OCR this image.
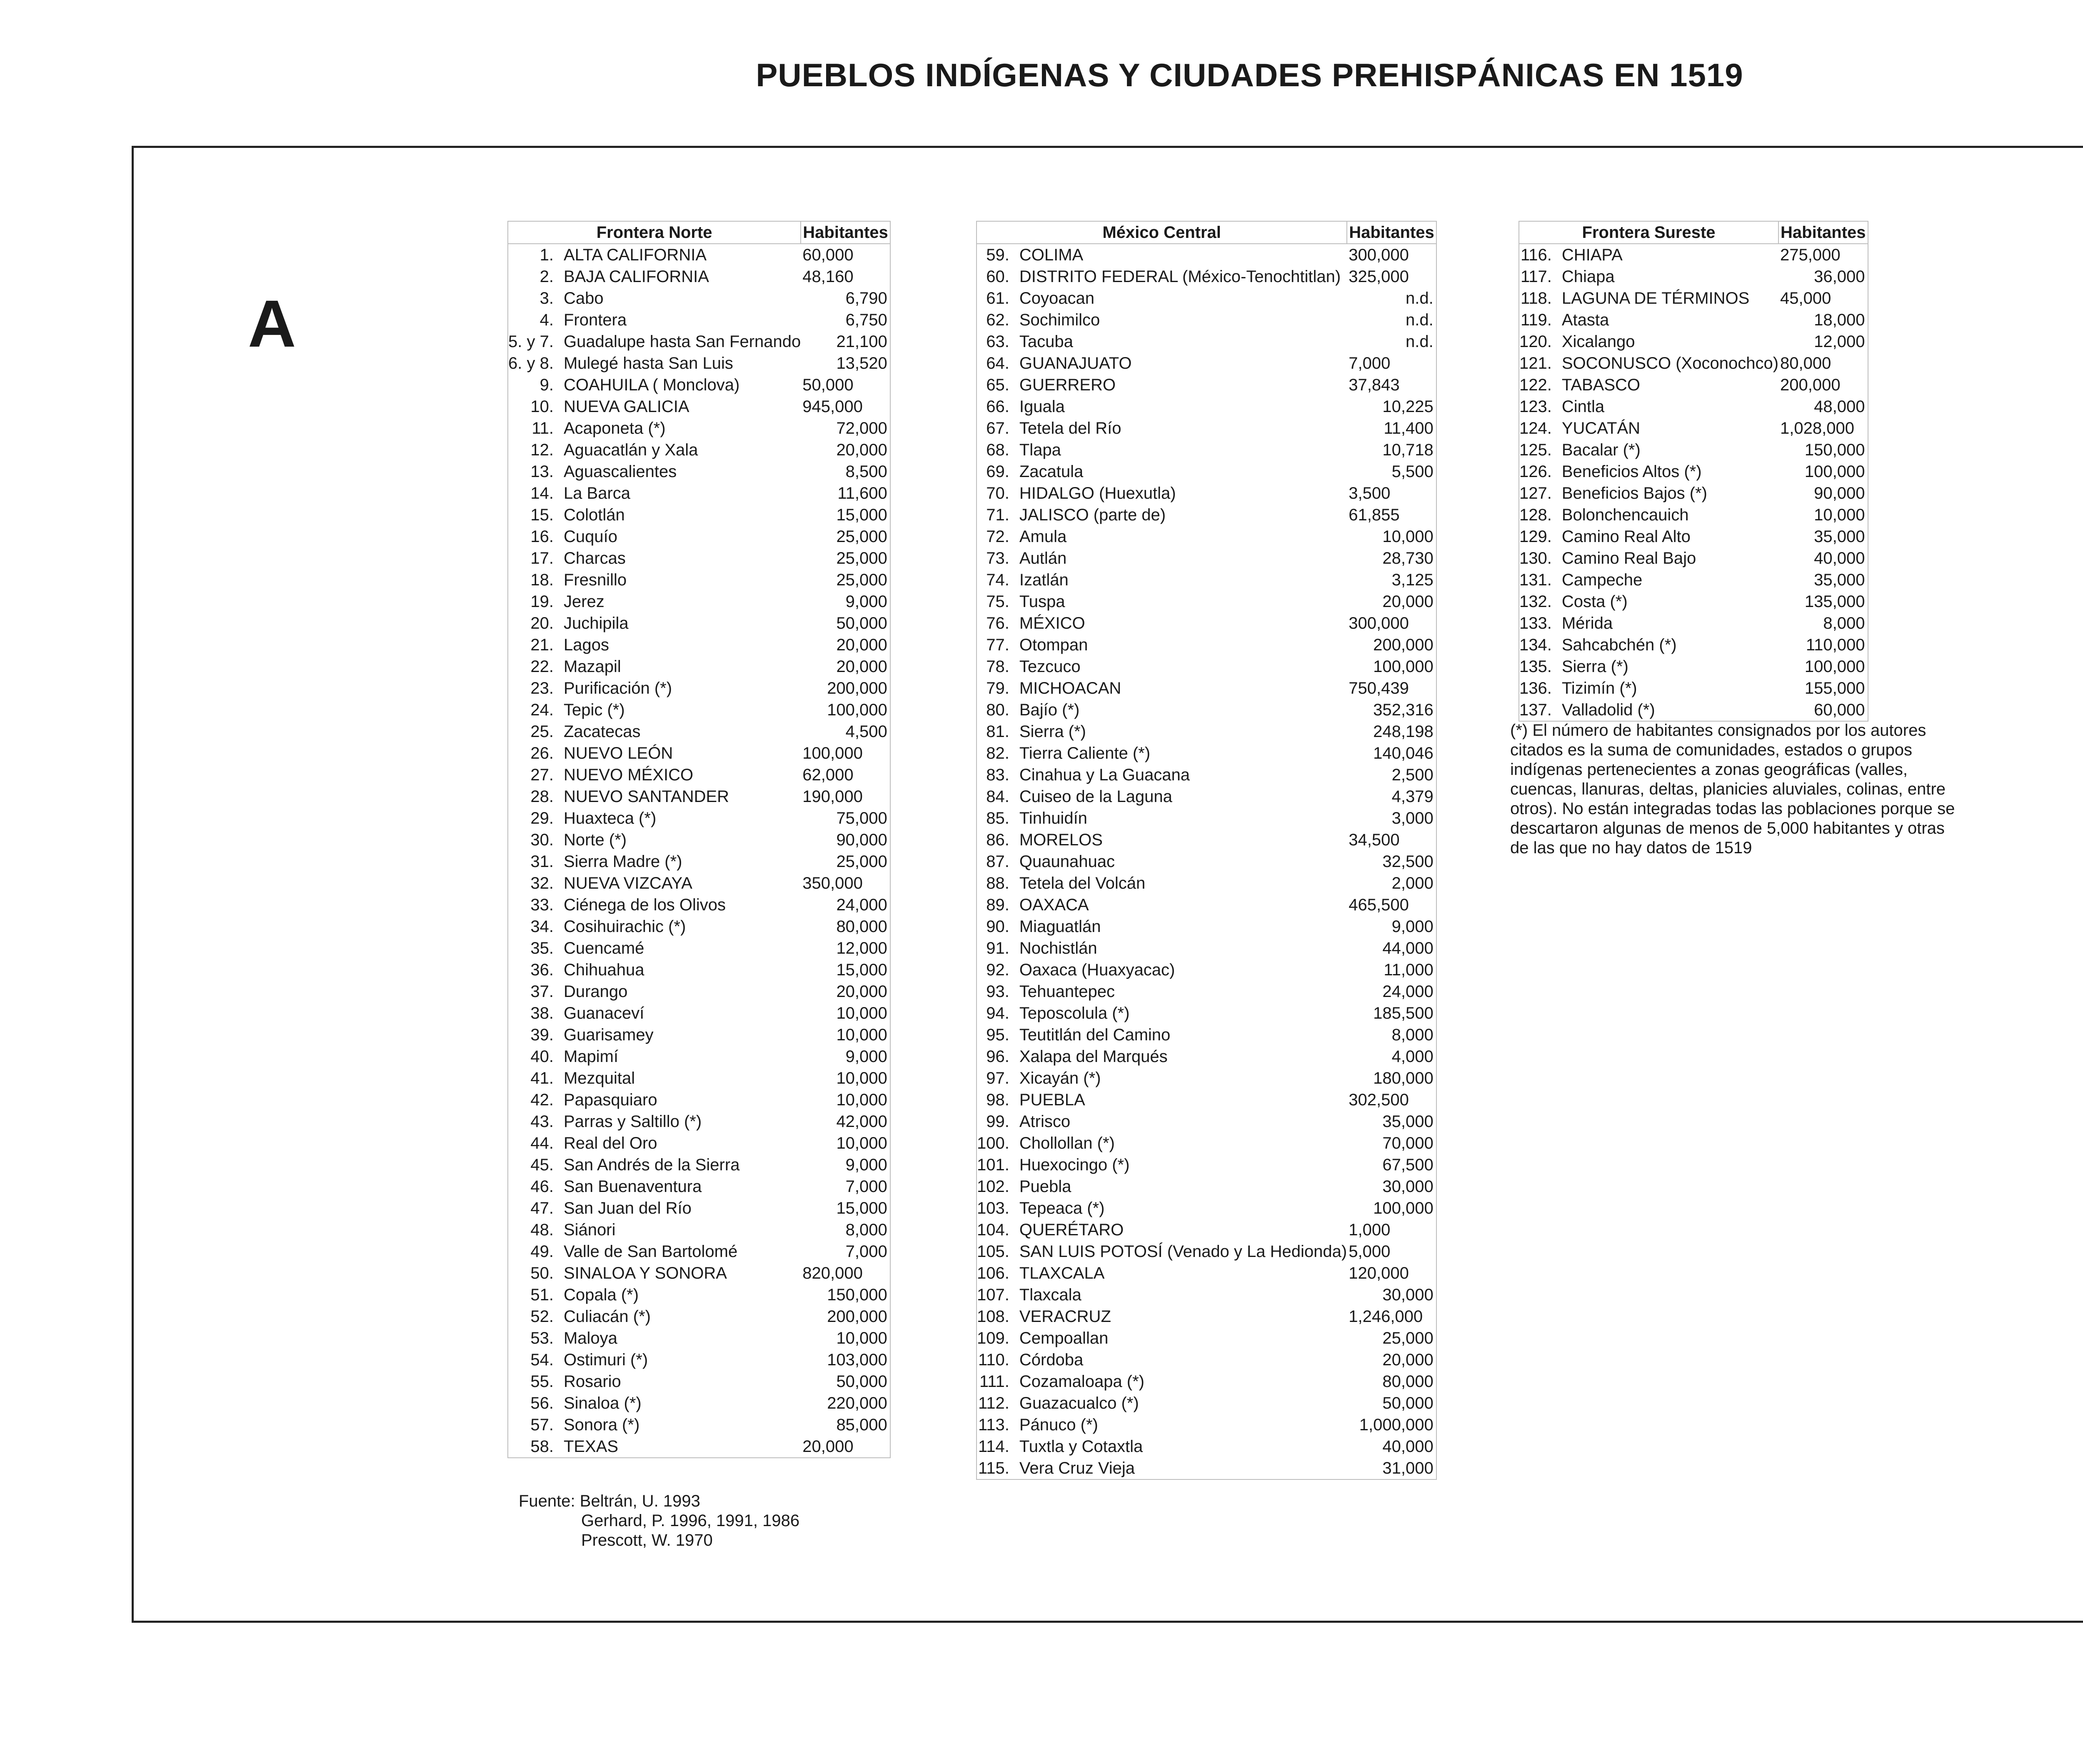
PUEBLOS INDÍGENAS Y CIUDADES PREHISPÁNICAS EN 1519
A
Frontera Norte		Habitantes
1.	ALTA CALIFORNIA	60,000
2.	BAJA CALIFORNIA	48,160
3.	Cabo	6,790
4.	Frontera	6,750
5. y 7.	Guadalupe hasta San Fernando	21,100
6. y 8.	Mulegé hasta San Luis	13,520
9.	COAHUILA ( Monclova)	50,000
10.	NUEVA GALICIA	945,000
11.	Acaponeta (*)	72,000
12.	Aguacatlán y Xala	20,000
13.	Aguascalientes	8,500
14.	La Barca	11,600
15.	Colotlán	15,000
16.	Cuquío	25,000
17.	Charcas	25,000
18.	Fresnillo	25,000
19.	Jerez	9,000
20.	Juchipila	50,000
21.	Lagos	20,000
22.	Mazapil	20,000
23.	Purificación (*)	200,000
24.	Tepic (*)	100,000
25.	Zacatecas	4,500
26.	NUEVO LEÓN	100,000
27.	NUEVO MÉXICO	62,000
28.	NUEVO SANTANDER	190,000
29.	Huaxteca (*)	75,000
30.	Norte (*)	90,000
31.	Sierra Madre (*)	25,000
32.	NUEVA VIZCAYA	350,000
33.	Ciénega de los Olivos	24,000
34.	Cosihuirachic (*)	80,000
35.	Cuencamé	12,000
36.	Chihuahua	15,000
37.	Durango	20,000
38.	Guanaceví	10,000
39.	Guarisamey	10,000
40.	Mapimí	9,000
41.	Mezquital	10,000
42.	Papasquiaro	10,000
43.	Parras y Saltillo (*)	42,000
44.	Real del Oro	10,000
45.	San Andrés de la Sierra	9,000
46.	San Buenaventura	7,000
47.	San Juan del Río	15,000
48.	Siánori	8,000
49.	Valle de San Bartolomé	7,000
50.	SINALOA Y SONORA	820,000
51.	Copala (*)	150,000
52.	Culiacán (*)	200,000
53.	Maloya	10,000
54.	Ostimuri (*)	103,000
55.	Rosario	50,000
56.	Sinaloa (*)	220,000
57.	Sonora (*)	85,000
58.	TEXAS	20,000
México Central		Habitantes
59.	COLIMA	300,000
60.	DISTRITO FEDERAL (México-Tenochtitlan)	325,000
61.	Coyoacan	n.d.
62.	Sochimilco	n.d.
63.	Tacuba	n.d.
64.	GUANAJUATO	7,000
65.	GUERRERO	37,843
66.	Iguala	10,225
67.	Tetela del Río	11,400
68.	Tlapa	10,718
69.	Zacatula	5,500
70.	HIDALGO (Huexutla)	3,500
71.	JALISCO (parte de)	61,855
72.	Amula	10,000
73.	Autlán	28,730
74.	Izatlán	3,125
75.	Tuspa	20,000
76.	MÉXICO	300,000
77.	Otompan	200,000
78.	Tezcuco	100,000
79.	MICHOACAN	750,439
80.	Bajío (*)	352,316
81.	Sierra (*)	248,198
82.	Tierra Caliente (*)	140,046
83.	Cinahua y La Guacana	2,500
84.	Cuiseo de la Laguna	4,379
85.	Tinhuidín	3,000
86.	MORELOS	34,500
87.	Quaunahuac	32,500
88.	Tetela del Volcán	2,000
89.	OAXACA	465,500
90.	Miaguatlán	9,000
91.	Nochistlán	44,000
92.	Oaxaca (Huaxyacac)	11,000
93.	Tehuantepec	24,000
94.	Teposcolula (*)	185,500
95.	Teutitlán del Camino	8,000
96.	Xalapa del Marqués	4,000
97.	Xicayán (*)	180,000
98.	PUEBLA	302,500
99.	Atrisco	35,000
100.	Chollollan (*)	70,000
101.	Huexocingo (*)	67,500
102.	Puebla	30,000
103.	Tepeaca (*)	100,000
104.	QUERÉTARO	1,000
105.	SAN LUIS POTOSÍ (Venado y La Hedionda)	5,000
106.	TLAXCALA	120,000
107.	Tlaxcala	30,000
108.	VERACRUZ	1,246,000
109.	Cempoallan	25,000
110.	Córdoba	20,000
111.	Cozamaloapa (*)	80,000
112.	Guazacualco (*)	50,000
113.	Pánuco (*)	1,000,000
114.	Tuxtla y Cotaxtla	40,000
115.	Vera Cruz Vieja	31,000
Frontera Sureste		Habitantes
116.	CHIAPA	275,000
117.	Chiapa	36,000
118.	LAGUNA DE TÉRMINOS	45,000
119.	Atasta	18,000
120.	Xicalango	12,000
121.	SOCONUSCO (Xoconochco)	80,000
122.	TABASCO	200,000
123.	Cintla	48,000
124.	YUCATÁN	1,028,000
125.	Bacalar (*)	150,000
126.	Beneficios Altos (*)	100,000
127.	Beneficios Bajos (*)	90,000
128.	Bolonchencauich	10,000
129.	Camino Real Alto	35,000
130.	Camino Real Bajo	40,000
131.	Campeche	35,000
132.	Costa (*)	135,000
133.	Mérida	8,000
134.	Sahcabchén (*)	110,000
135.	Sierra (*)	100,000
136.	Tizimín (*)	155,000
137.	Valladolid (*)	60,000
(*) El número de habitantes consignados por los autores citados es la suma de comunidades, estados o grupos indígenas pertenecientes a zonas geográficas (valles, cuencas, llanuras, deltas, planicies aluviales, colinas, entre otros). No están integradas todas las poblaciones porque se descartaron algunas de menos de 5,000 habitantes y otras de las que no hay datos de 1519
Fuente: Beltrán, U. 1993
Gerhard, P. 1996, 1991, 1986
Prescott, W. 1970
